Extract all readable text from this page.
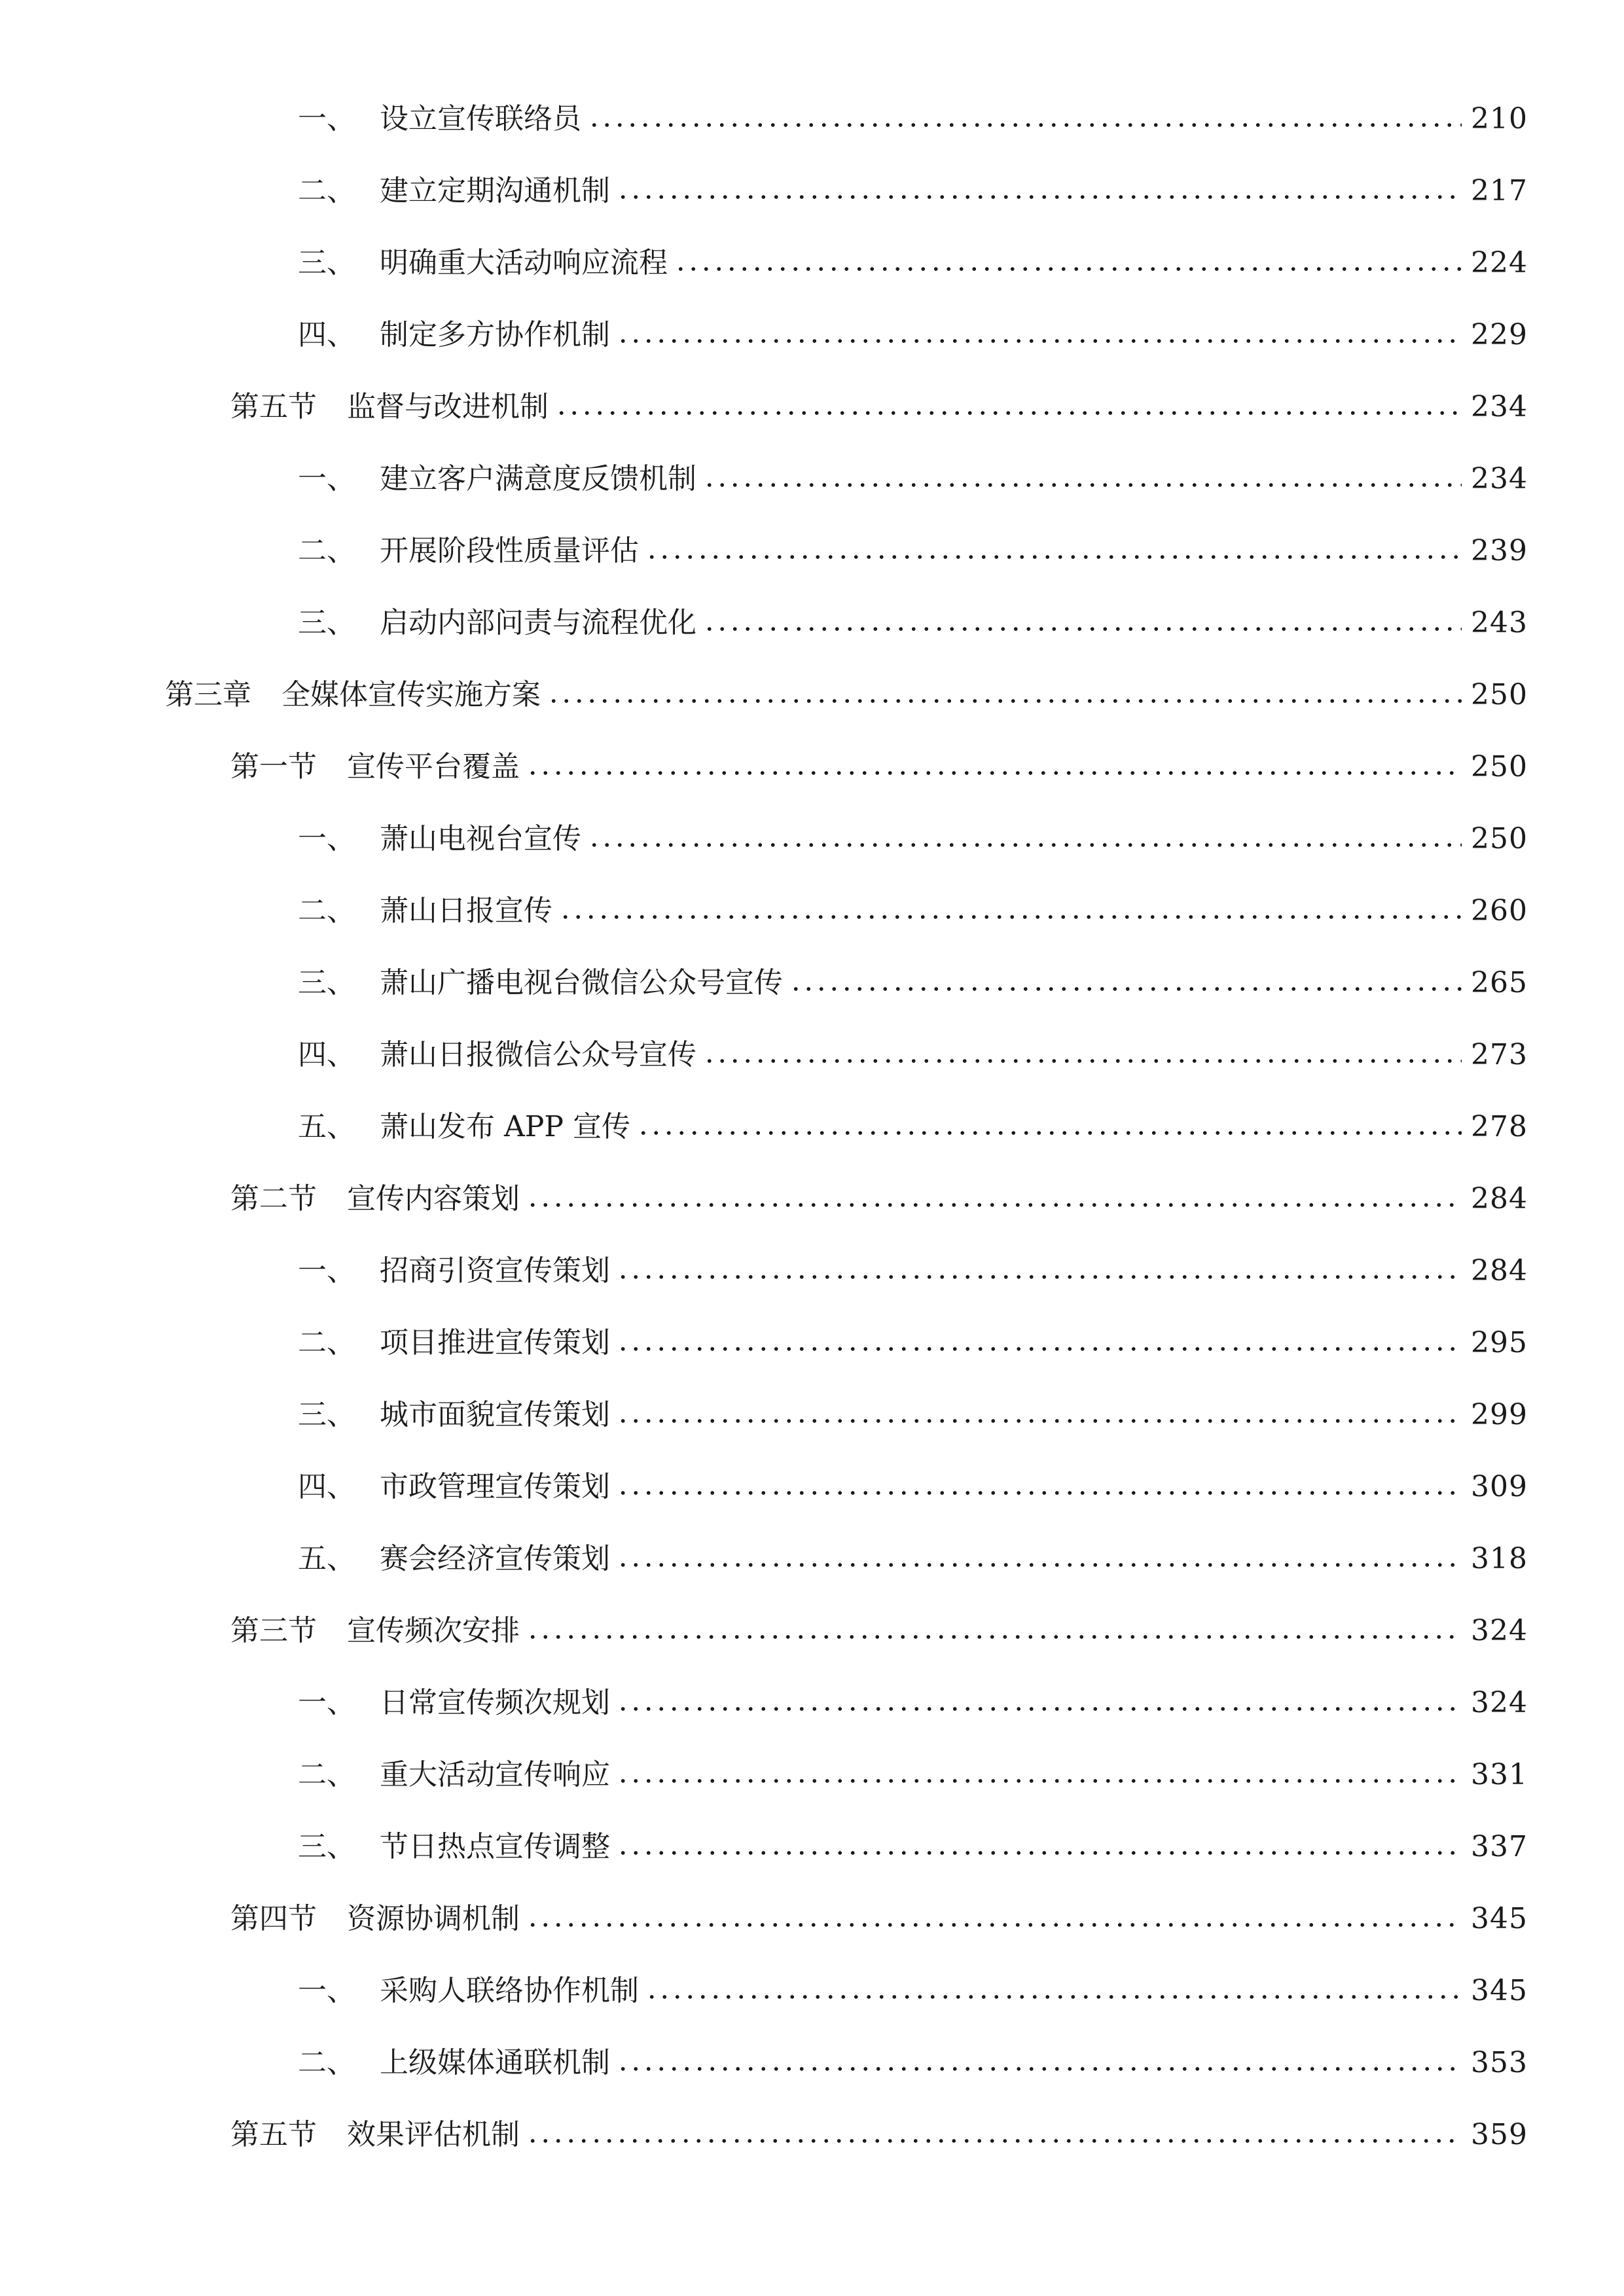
一、 设立宣传联络员	210
二、 建立定期沟通机制	217
三、 明确重大活动响应流程	224
四、 制定多方协作机制	229
第五节	监督与改进机制	234
一、 建立客户满意度反馈机制	234
二、 开展阶段性质量评估	239
三、 启动内部问责与流程优化	243
第三章	全媒体宣传实施方案	250
第一节	宣传平台覆盖	250
一、 萧山电视台宣传	250
二、 萧山日报宣传	260
三、 萧山广播电视台微信公众号宣传	265
四、 萧山日报微信公众号宣传	273
五、 萧山发布 APP 宣传	278
第二节	宣传内容策划	284
一、 招商引资宣传策划	284
二、 项目推进宣传策划	295
三、 城市面貌宣传策划	299
四、 市政管理宣传策划	309
五、 赛会经济宣传策划	318
第三节	宣传频次安排	324
一、 日常宣传频次规划	324
二、 重大活动宣传响应	331
三、 节日热点宣传调整	337
第四节	资源协调机制	345
一、 采购人联络协作机制	345
二、 上级媒体通联机制	353
第五节	效果评估机制	359
